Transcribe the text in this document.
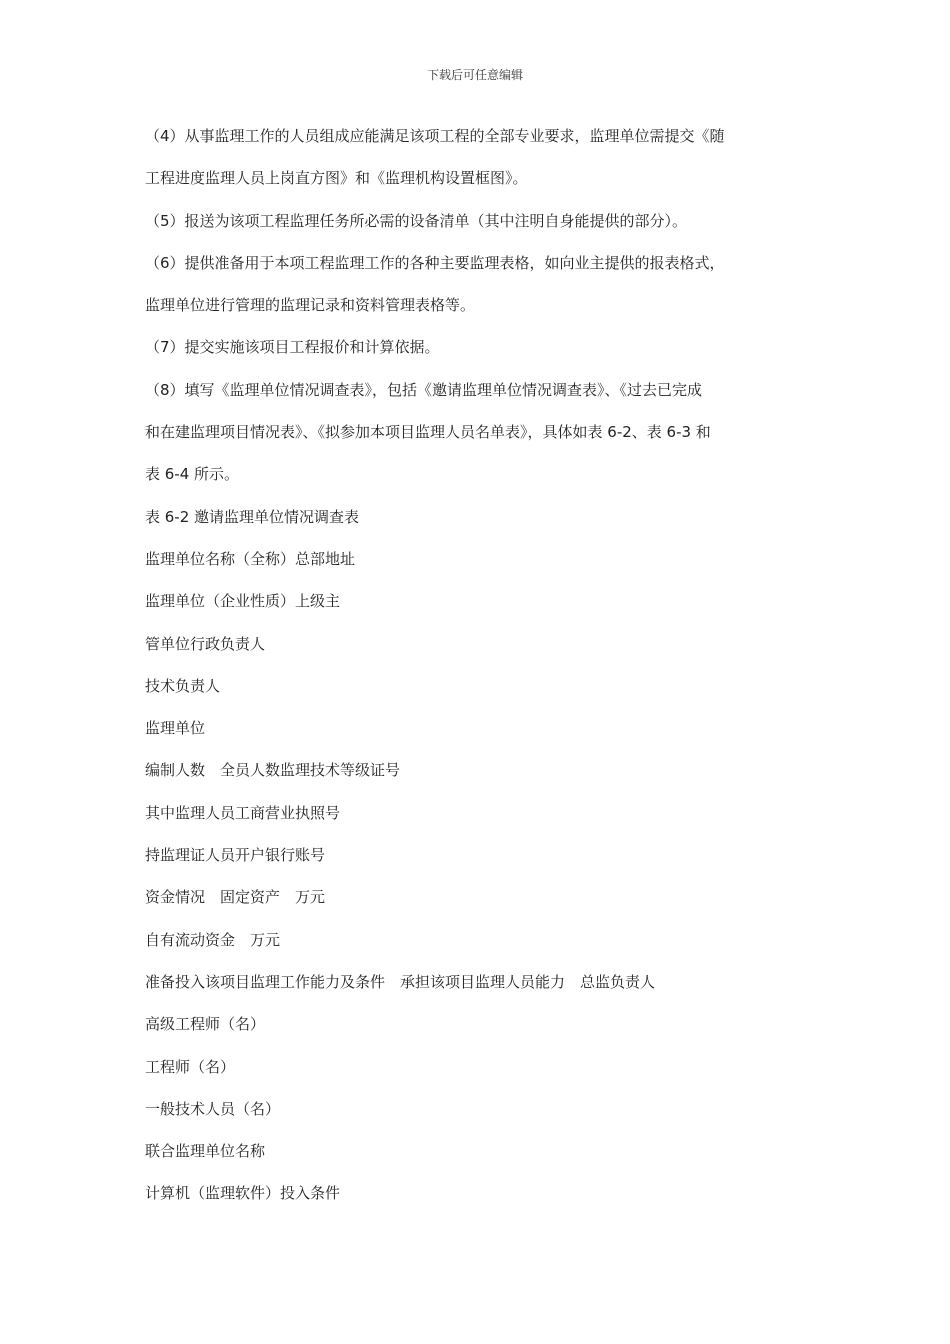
下载后可任意编辑
（4）从事监理工作的人员组成应能满足该项工程的全部专业要求，监理单位需提交《随
工程进度监理人员上岗直方图》和《监理机构设置框图》。
（5）报送为该项工程监理任务所必需的设备清单（其中注明自身能提供的部分）。
（6）提供准备用于本项工程监理工作的各种主要监理表格，如向业主提供的报表格式，
监理单位进行管理的监理记录和资料管理表格等。
（7）提交实施该项目工程报价和计算依据。
（8）填写《监理单位情况调查表》，包括《邀请监理单位情况调查表》、《过去已完成
和在建监理项目情况表》、《拟参加本项目监理人员名单表》，具体如表 6-2、表 6-3 和
表 6-4 所示。
表 6-2 邀请监理单位情况调查表
监理单位名称（全称）总部地址
监理单位（企业性质）上级主
管单位行政负责人
技术负责人
监理单位
编制人数　全员人数监理技术等级证号
其中监理人员工商营业执照号
持监理证人员开户银行账号
资金情况　固定资产　万元
自有流动资金　万元
准备投入该项目监理工作能力及条件　承担该项目监理人员能力　总监负责人
高级工程师（名）
工程师（名）
一般技术人员（名）
联合监理单位名称
计算机（监理软件）投入条件
